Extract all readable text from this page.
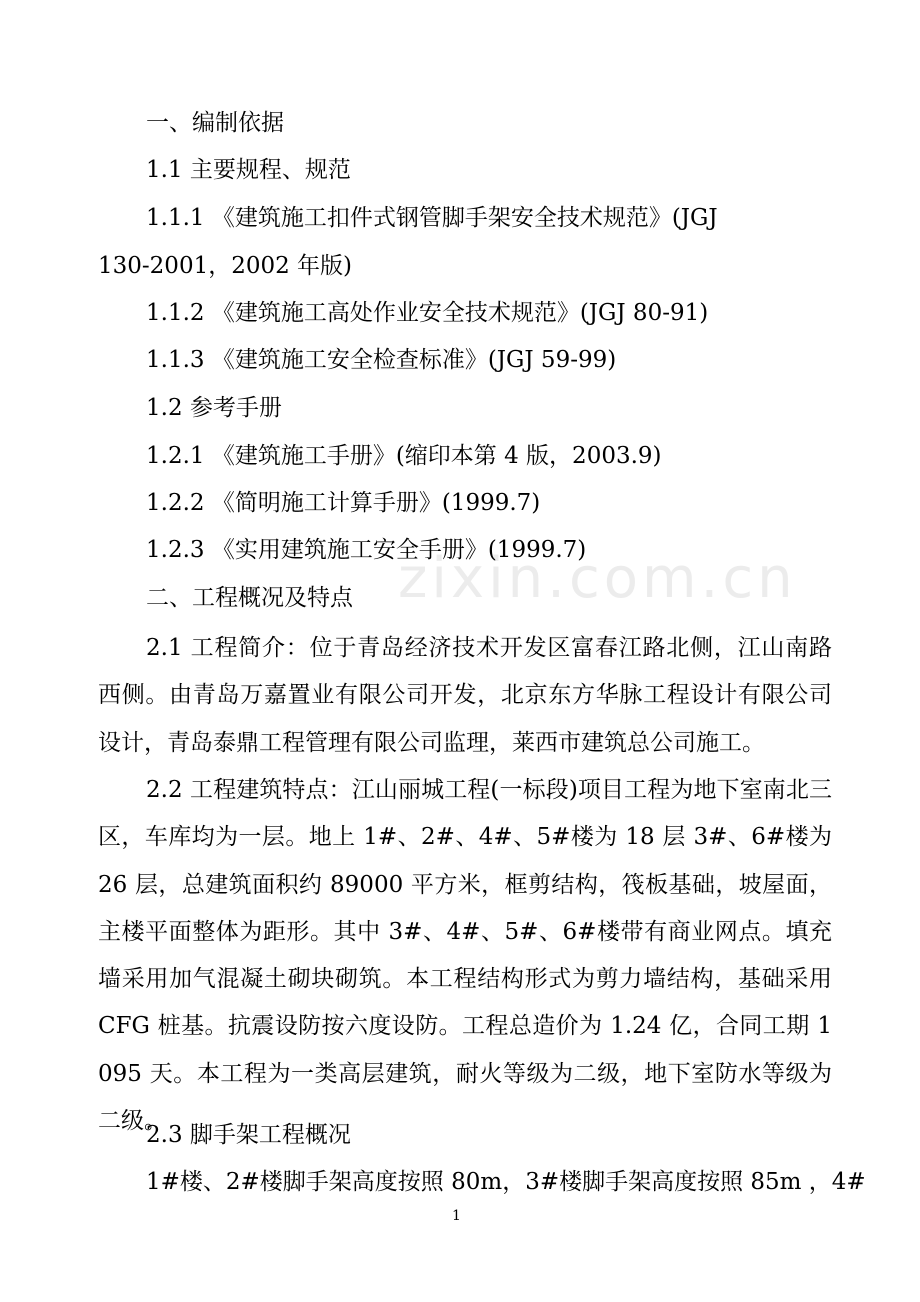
zixin.com.cn
一、编制依据
1.1 主要规程、规范
1.1.1 《建筑施工扣件式钢管脚手架安全技术规范》(JGJ
130-2001，2002 年版)
1.1.2 《建筑施工高处作业安全技术规范》(JGJ 80-91)
1.1.3 《建筑施工安全检查标准》(JGJ 59-99)
1.2 参考手册
1.2.1 《建筑施工手册》(缩印本第 4 版，2003.9)
1.2.2 《简明施工计算手册》(1999.7)
1.2.3 《实用建筑施工安全手册》(1999.7)
二、工程概况及特点
2.1 工程简介：位于青岛经济技术开发区富春江路北侧，江山南路西侧。由青岛万嘉置业有限公司开发，北京东方华脉工程设计有限公司设计，青岛泰鼎工程管理有限公司监理，莱西市建筑总公司施工。
2.2 工程建筑特点：江山丽城工程(一标段)项目工程为地下室南北三区，车库均为一层。地上 1#、2#、4#、5#楼为 18 层 3#、6#楼为 26 层，总建筑面积约 89000 平方米，框剪结构，筏板基础，坡屋面，主楼平面整体为距形。其中 3#、4#、5#、6#楼带有商业网点。填充墙采用加气混凝土砌块砌筑。本工程结构形式为剪力墙结构，基础采用 CFG 桩基。抗震设防按六度设防。工程总造价为 1.24 亿，合同工期 1095 天。本工程为一类高层建筑，耐火等级为二级，地下室防水等级为二级。
2.3 脚手架工程概况
1#楼、2#楼脚手架高度按照 80m，3#楼脚手架高度按照 85m ，4#
1
